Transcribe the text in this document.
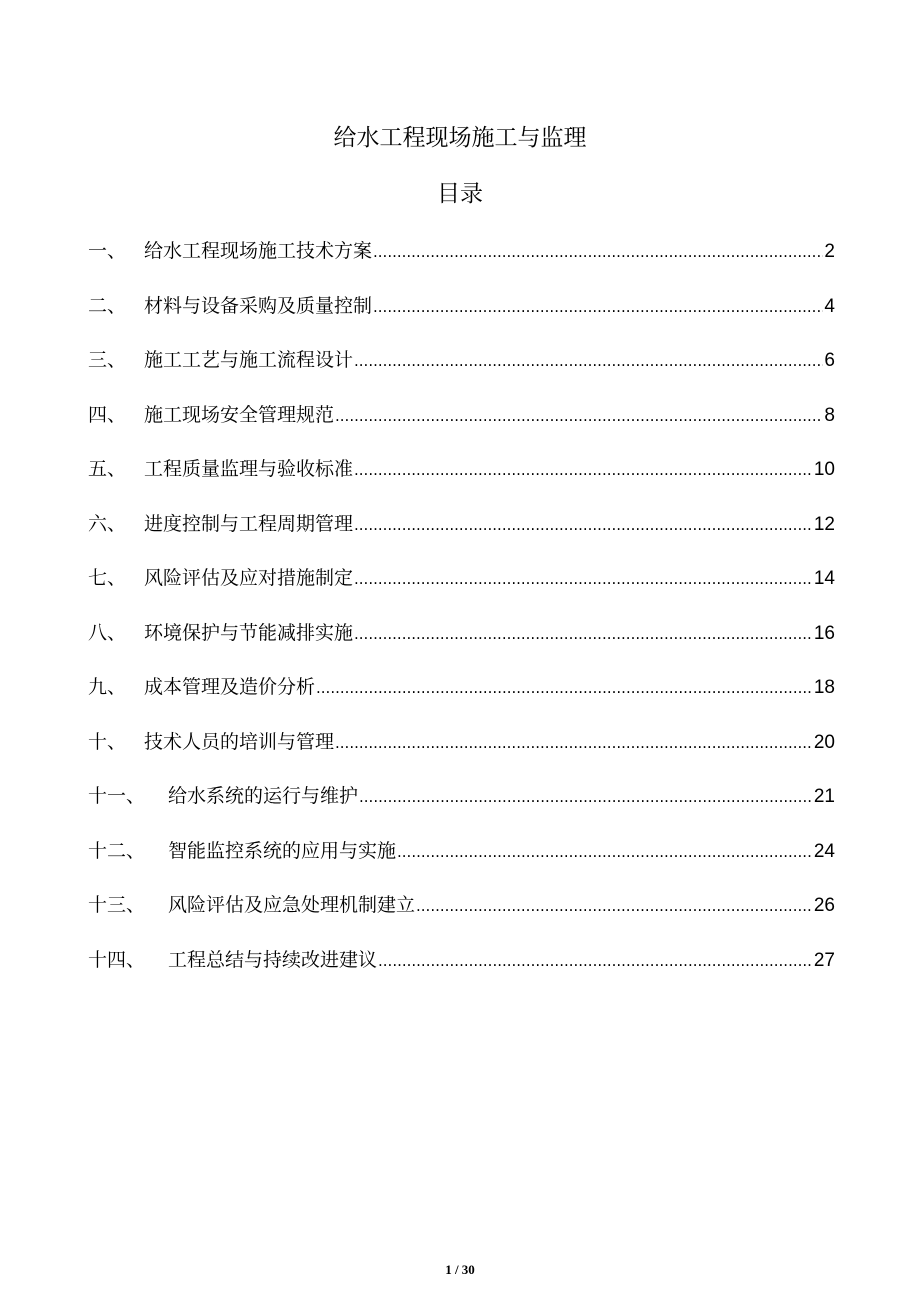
给水工程现场施工与监理
目录
一、 给水工程现场施工技术方案 .....	2
二、 材料与设备采购及质量控制 .....	4
三、 施工工艺与施工流程设计 .....	6
四、 施工现场安全管理规范 .....	8
五、 工程质量监理与验收标准 .....	10
六、 进度控制与工程周期管理 .....	12
七、 风险评估及应对措施制定 .....	14
八、 环境保护与节能减排实施 .....	16
九、 成本管理及造价分析 .....	18
十、 技术人员的培训与管理 .....	20
十一、	给水系统的运行与维护 .....	21
十二、	智能监控系统的应用与实施 .....	24
十三、	风险评估及应急处理机制建立 .....	26
十四、	工程总结与持续改进建议 .....	27
1 / 30
